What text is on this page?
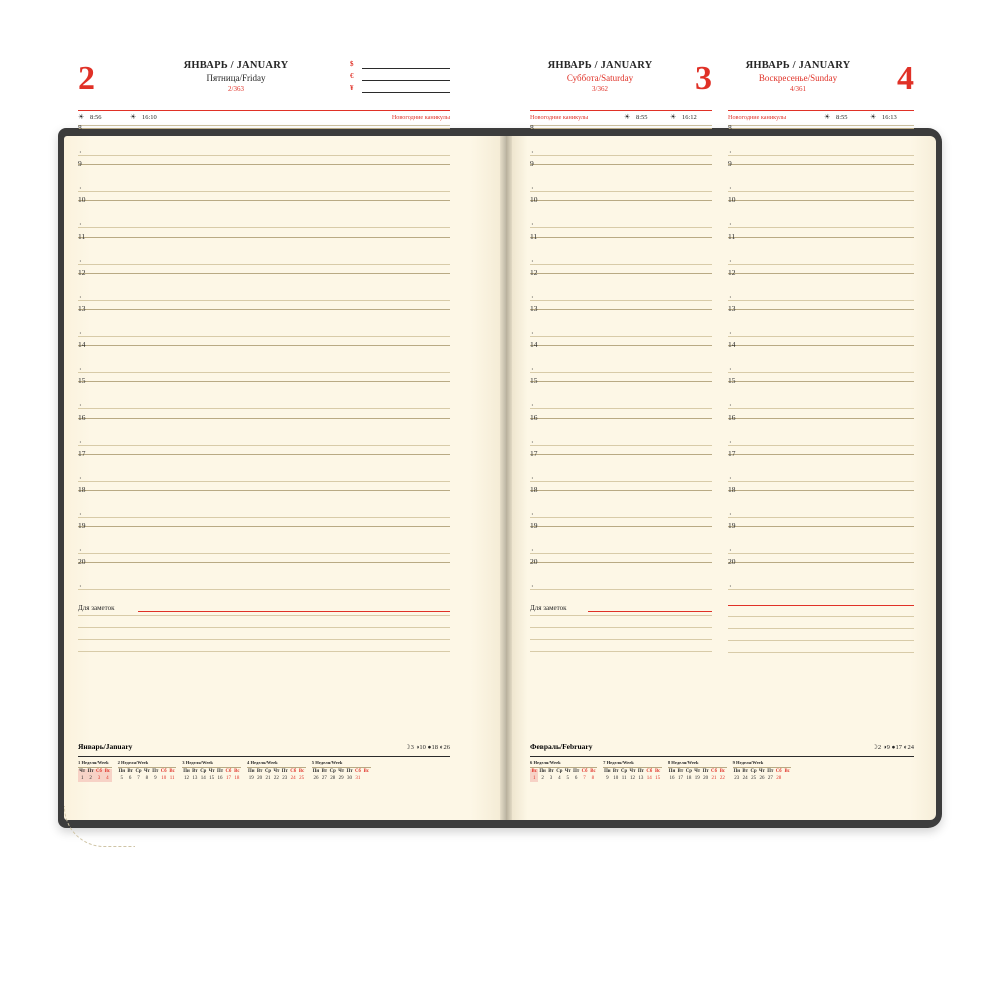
2	ЯНВАРЬ / JANUARY
Пятница/Friday
2/363
$
€
¥
☀ 8:56	☀ 16:10	Новогодние каникулы
8
·
9
·
10
·
11
·
12
·
13
·
14
·
15
·
16
·
17
·
18
·
19
·
20
·
Для заметок
ЯНВАРЬ / JANUARY
Суббота/Saturday
3/362	3
Новогодние каникулы	☀ 8:55	☀ 16:12
8
·
9
·
10
·
11
·
12
·
13
·
14
·
15
·
16
·
17
·
18
·
19
·
20
·
Для заметок
ЯНВАРЬ / JANUARY
Воскресенье/Sunday
4/361	4
Новогодние каникулы	☀ 8:55	☀ 16:13
8
·
9
·
10
·
11
·
12
·
13
·
14
·
15
·
16
·
17
·
18
·
19
·
20
·
Январь/January	☽3 ◑10 ●18 ◐26
1 Неделя/Week
Чт	Пт	Сб	Вс
1	2	3	4
2 Неделя/Week
Пн	Вт	Ср	Чт	Пт	Сб	Вс
5	6	7	8	9	10	11
3 Неделя/Week
Пн	Вт	Ср	Чт	Пт	Сб	Вс
12	13	14	15	16	17	18
4 Неделя/Week
Пн	Вт	Ср	Чт	Пт	Сб	Вс
19	20	21	22	23	24	25
5 Неделя/Week
Пн	Вт	Ср	Чт	Пт	Сб	Вс
26	27	28	29	30	31	
Февраль/February	☽2 ◑9 ●17 ◐24
6 Неделя/Week
Вс	Пн	Вт	Ср	Чт	Пт	Сб	Вс
1	2	3	4	5	6	7	8
7 Неделя/Week
Пн	Вт	Ср	Чт	Пт	Сб	Вс
9	10	11	12	13	14	15
8 Неделя/Week
Пн	Вт	Ср	Чт	Пт	Сб	Вс
16	17	18	19	20	21	22
9 Неделя/Week
Пн	Вт	Ср	Чт	Пт	Сб	Вс
23	24	25	26	27	28	
